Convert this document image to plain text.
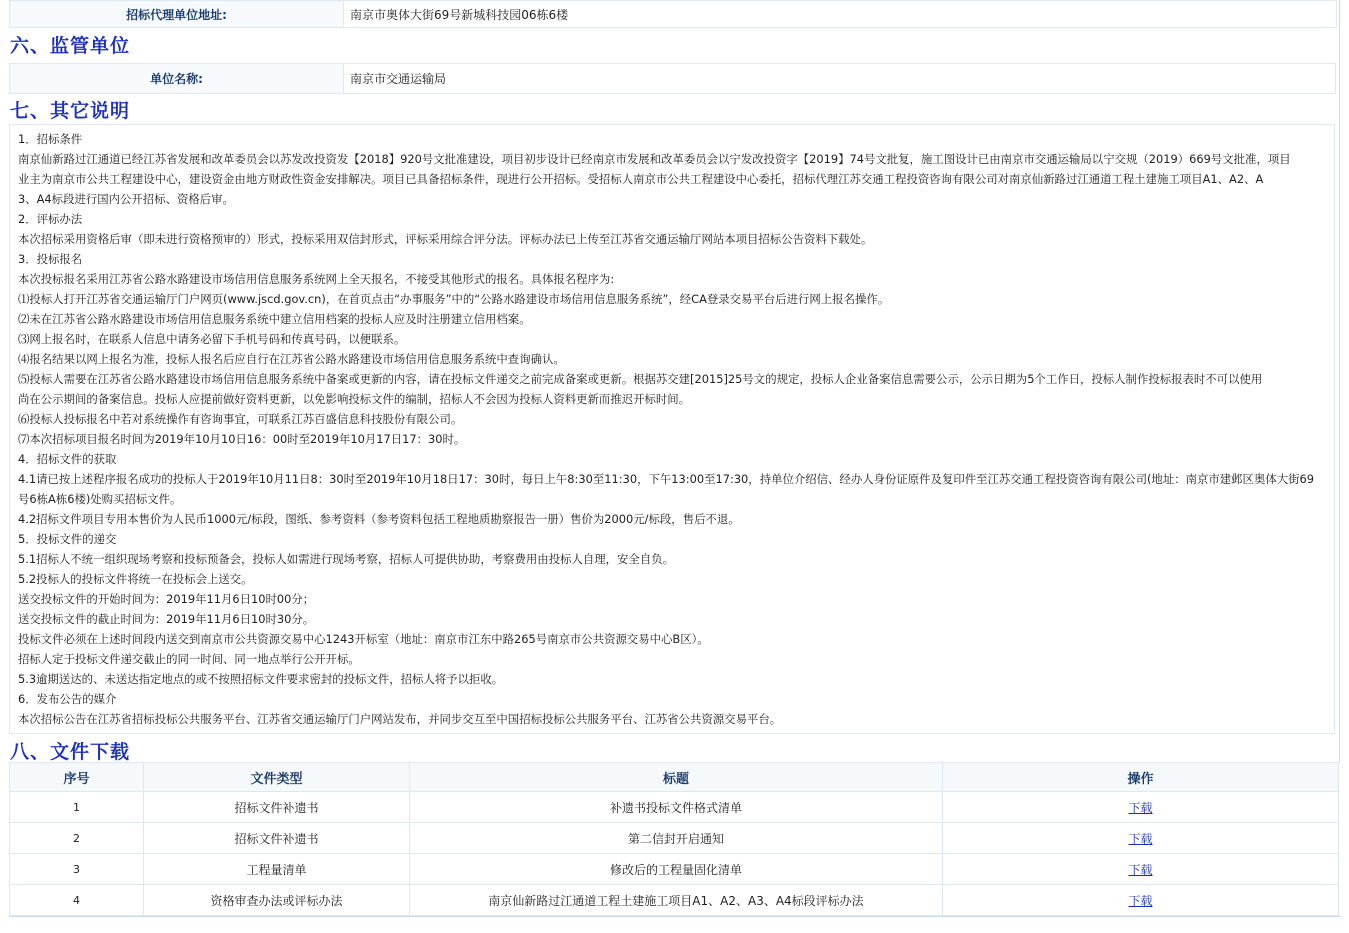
招标代理单位地址:	南京市奥体大街69号新城科技园06栋6楼
六、监管单位
单位名称:	南京市交通运输局
七、其它说明
1．招标条件
南京仙新路过江通道已经江苏省发展和改革委员会以苏发改投资发【2018】920号文批准建设，项目初步设计已经南京市发展和改革委员会以宁发改投资字【2019】74号文批复，施工图设计已由南京市交通运输局以宁交规（2019）669号文批准，项目
业主为南京市公共工程建设中心，建设资金由地方财政性资金安排解决。项目已具备招标条件，现进行公开招标。受招标人南京市公共工程建设中心委托，招标代理江苏交通工程投资咨询有限公司对南京仙新路过江通道工程土建施工项目A1、A2、A
3、A4标段进行国内公开招标、资格后审。
2．评标办法
本次招标采用资格后审（即未进行资格预审的）形式，投标采用双信封形式，评标采用综合评分法。评标办法已上传至江苏省交通运输厅网站本项目招标公告资料下载处。
3．投标报名
本次投标报名采用江苏省公路水路建设市场信用信息服务系统网上全天报名，不接受其他形式的报名。具体报名程序为:
⑴投标人打开江苏省交通运输厅门户网页(www.jscd.gov.cn)，在首页点击“办事服务”中的“公路水路建设市场信用信息服务系统”，经CA登录交易平台后进行网上报名操作。
⑵未在江苏省公路水路建设市场信用信息服务系统中建立信用档案的投标人应及时注册建立信用档案。
⑶网上报名时，在联系人信息中请务必留下手机号码和传真号码，以便联系。
⑷报名结果以网上报名为准，投标人报名后应自行在江苏省公路水路建设市场信用信息服务系统中查询确认。
⑸投标人需要在江苏省公路水路建设市场信用信息服务系统中备案或更新的内容，请在投标文件递交之前完成备案或更新。根据苏交建[2015]25号文的规定，投标人企业备案信息需要公示，公示日期为5个工作日，投标人制作投标报表时不可以使用
尚在公示期间的备案信息。投标人应提前做好资料更新，以免影响投标文件的编制，招标人不会因为投标人资料更新而推迟开标时间。
⑹投标人投标报名中若对系统操作有咨询事宜，可联系江苏百盛信息科技股份有限公司。
⑺本次招标项目报名时间为2019年10月10日16：00时至2019年10月17日17：30时。
4．招标文件的获取
4.1请已按上述程序报名成功的投标人于2019年10月11日8：30时至2019年10月18日17：30时，每日上午8:30至11:30，下午13:00至17:30，持单位介绍信、经办人身份证原件及复印件至江苏交通工程投资咨询有限公司(地址：南京市建邺区奥体大街69
号6栋A栋6楼)处购买招标文件。
4.2招标文件项目专用本售价为人民币1000元/标段，图纸、参考资料（参考资料包括工程地质勘察报告一册）售价为2000元/标段，售后不退。
5．投标文件的递交
5.1招标人不统一组织现场考察和投标预备会，投标人如需进行现场考察，招标人可提供协助，考察费用由投标人自理，安全自负。
5.2投标人的投标文件将统一在投标会上送交。
送交投标文件的开始时间为：2019年11月6日10时00分；
送交投标文件的截止时间为：2019年11月6日10时30分。
投标文件必须在上述时间段内送交到南京市公共资源交易中心1243开标室（地址：南京市江东中路265号南京市公共资源交易中心B区）。
招标人定于投标文件递交截止的同一时间、同一地点举行公开开标。
5.3逾期送达的、未送达指定地点的或不按照招标文件要求密封的投标文件，招标人将予以拒收。
6．发布公告的媒介
本次招标公告在江苏省招标投标公共服务平台、江苏省交通运输厅门户网站发布，并同步交互至中国招标投标公共服务平台、江苏省公共资源交易平台。
八、文件下载
序号	文件类型	标题	操作
1	招标文件补遗书	补遗书投标文件格式清单	下载
2	招标文件补遗书	第二信封开启通知	下载
3	工程量清单	修改后的工程量固化清单	下载
4	资格审查办法或评标办法	南京仙新路过江通道工程土建施工项目A1、A2、A3、A4标段评标办法	下载
